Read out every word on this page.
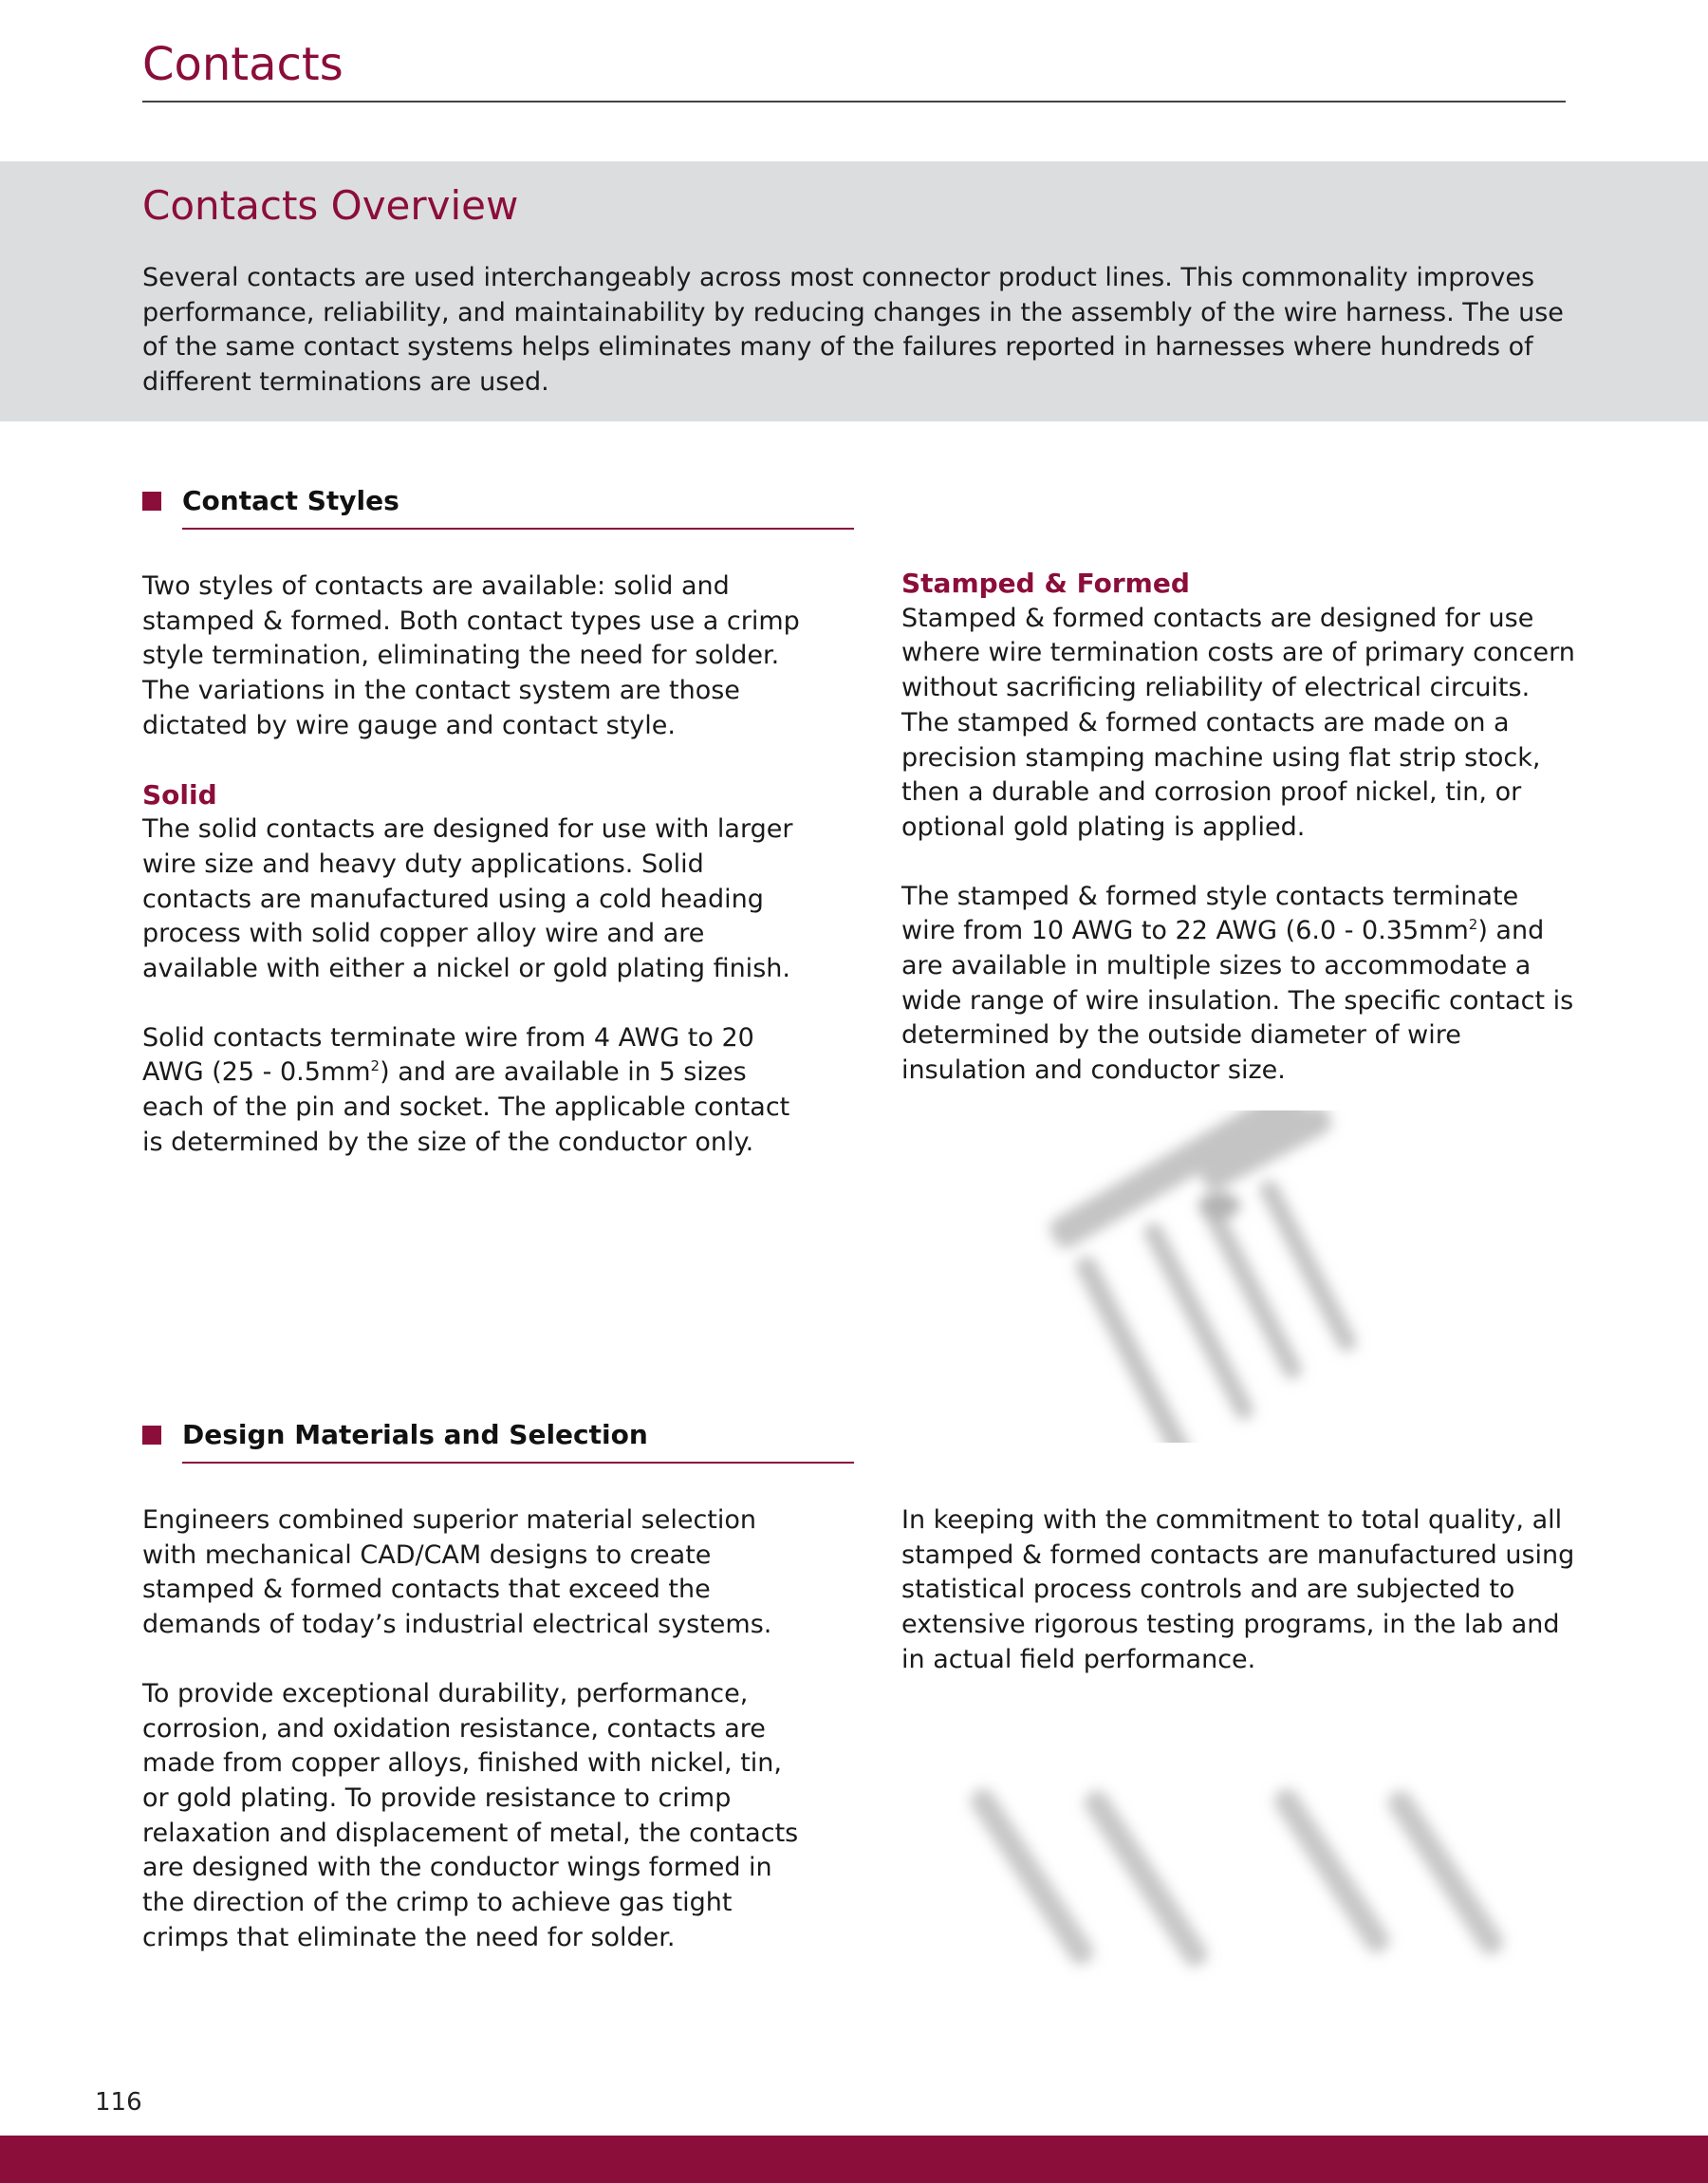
Contacts
Contacts Overview

Several contacts are used interchangeably across most connector product lines. This commonality improves performance, reliability, and maintainability by reducing changes in the assembly of the wire harness. The use of the same contact systems helps eliminates many of the failures reported in harnesses where hundreds of different terminations are used.

Contact Styles

Two styles of contacts are available: solid and stamped & formed. Both contact types use a crimp style termination, eliminating the need for solder. The variations in the contact system are those dictated by wire gauge and contact style.

Solid

The solid contacts are designed for use with larger wire size and heavy duty applications. Solid contacts are manufactured using a cold heading process with solid copper alloy wire and are available with either a nickel or gold plating finish.

Solid contacts terminate wire from 4 AWG to 20 AWG $(25 - 0.5mm^2)$ and are available in 5 sizes each of the pin and socket. The applicable contact is determined by the size of the conductor only.

Stamped & Formed

Stamped & formed contacts are designed for use where wire termination costs are of primary concern without sacrificing reliability of electrical circuits. The stamped & formed contacts are made on a precision stamping machine using flat strip stock, then a durable and corrosion proof nickel, tin, or optional gold plating is applied.

The stamped & formed style contacts terminate wire from 10 AWG to 22 AWG $(6.0 - 0.35mm^2)$ and are available in multiple sizes to accommodate a wide range of wire insulation. The specific contact is determined by the outside diameter of wire insulation and conductor size.

Design Materials and Selection

Engineers combined superior material selection with mechanical CAD/CAM designs to create stamped & formed contacts that exceed the demands of today’s industrial electrical systems.

To provide exceptional durability, performance, corrosion, and oxidation resistance, contacts are made from copper alloys, finished with nickel, tin, or gold plating. To provide resistance to crimp relaxation and displacement of metal, the contacts are designed with the conductor wings formed in the direction of the crimp to achieve gas tight crimps that eliminate the need for solder.

In keeping with the commitment to total quality, all stamped & formed contacts are manufactured using statistical process controls and are subjected to extensive rigorous testing programs, in the lab and in actual field performance.

116
